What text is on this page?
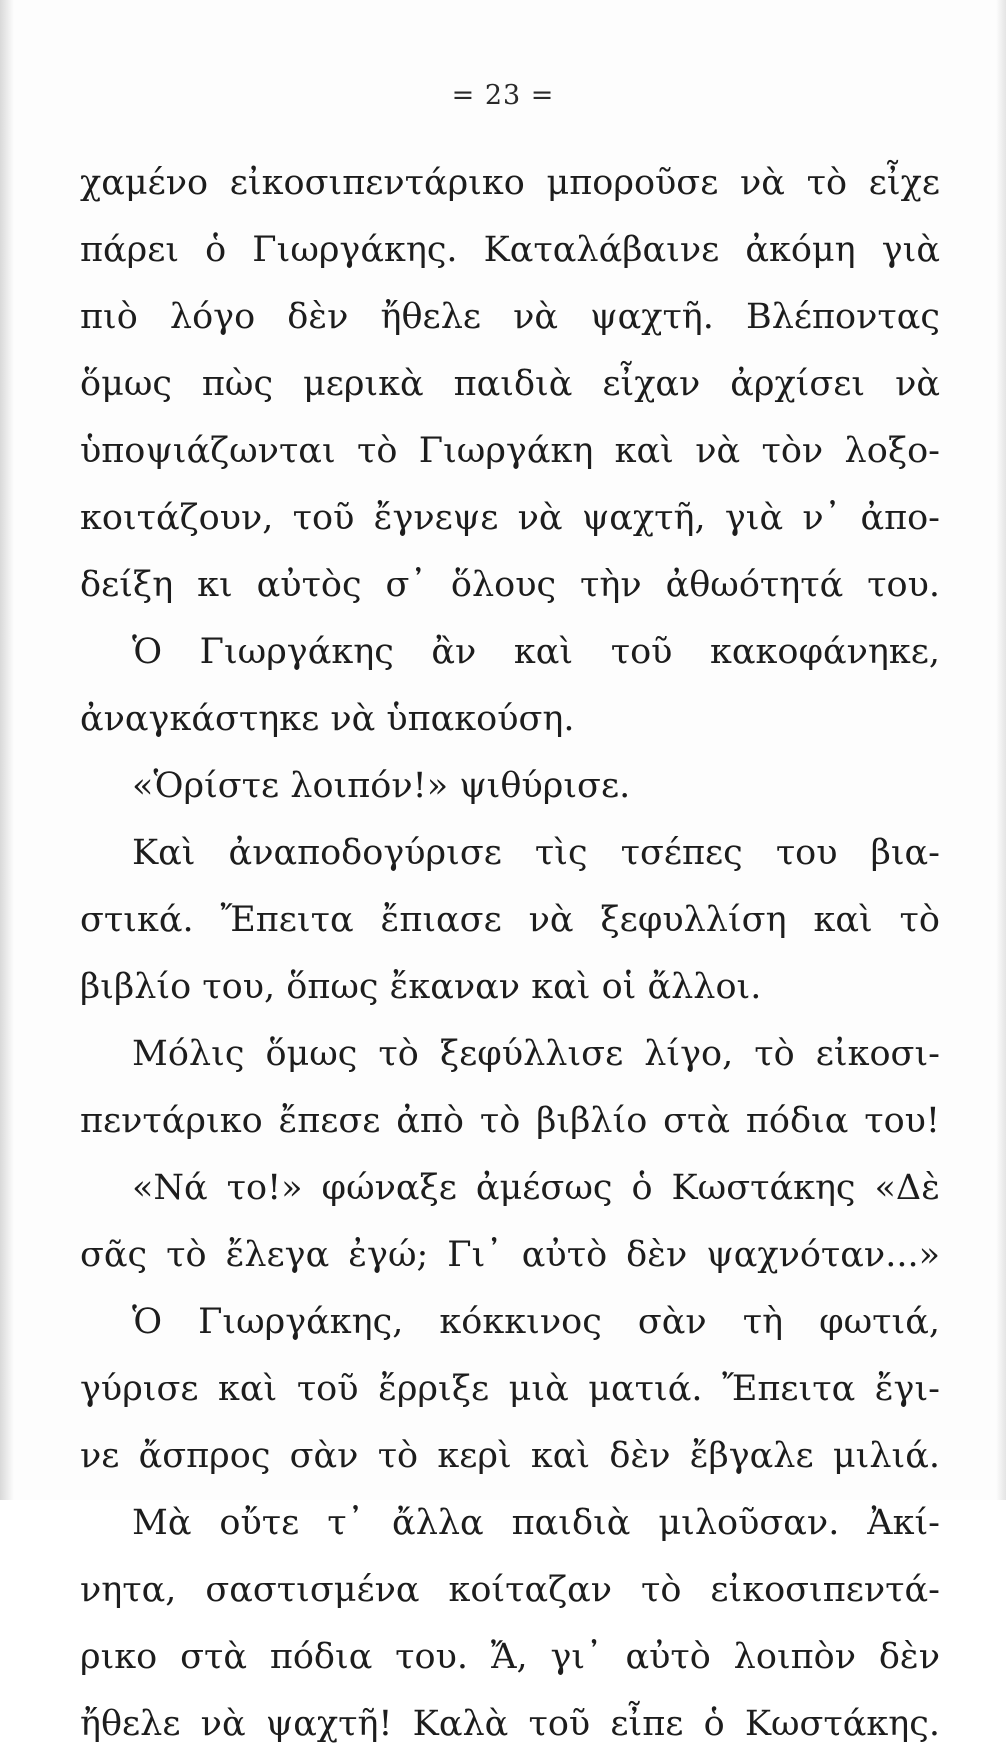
= 23 =
χαμένο εἰκοσιπεντάρικο μποροῦσε νὰ τὸ εἶχε
πάρει ὁ Γιωργάκης. Καταλάβαινε ἀκόμη γιὰ
πιὸ λόγο δὲν ἤθελε νὰ ψαχτῆ. Βλέποντας
ὅμως πὼς μερικὰ παιδιὰ εἶχαν ἀρχίσει νὰ
ὑποψιάζωνται τὸ Γιωργάκη καὶ νὰ τὸν λοξο-
κοιτάζουν, τοῦ ἔγνεψε νὰ ψαχτῆ, γιὰ ν᾿ ἀπο-
δείξη κι αὐτὸς σ᾿ ὅλους τὴν ἀθωότητά του.
Ὁ Γιωργάκης ἂν καὶ τοῦ κακοφάνηκε,
ἀναγκάστηκε νὰ ὑπακούση.
«Ὁρίστε λοιπόν!» ψιθύρισε.
Καὶ ἀναποδογύρισε τὶς τσέπες του βια-
στικά. Ἔπειτα ἔπιασε νὰ ξεφυλλίση καὶ τὸ
βιβλίο του, ὅπως ἔκαναν καὶ οἱ ἄλλοι.
Μόλις ὅμως τὸ ξεφύλλισε λίγο, τὸ εἰκοσι-
πεντάρικο ἔπεσε ἀπὸ τὸ βιβλίο στὰ πόδια του!
«Νά το!» φώναξε ἀμέσως ὁ Κωστάκης «Δὲ
σᾶς τὸ ἔλεγα ἐγώ; Γι᾿ αὐτὸ δὲν ψαχνόταν...»
Ὁ Γιωργάκης, κόκκινος σὰν τὴ φωτιά,
γύρισε καὶ τοῦ ἔρριξε μιὰ ματιά. Ἔπειτα ἔγι-
νε ἄσπρος σὰν τὸ κερὶ καὶ δὲν ἔβγαλε μιλιά.
Μὰ οὔτε τ᾿ ἄλλα παιδιὰ μιλοῦσαν. Ἀκί-
νητα, σαστισμένα κοίταζαν τὸ εἰκοσιπεντά-
ρικο στὰ πόδια του. Ἄ, γι᾿ αὐτὸ λοιπὸν δὲν
ἤθελε νὰ ψαχτῆ! Καλὰ τοῦ εἶπε ὁ Κωστάκης.
